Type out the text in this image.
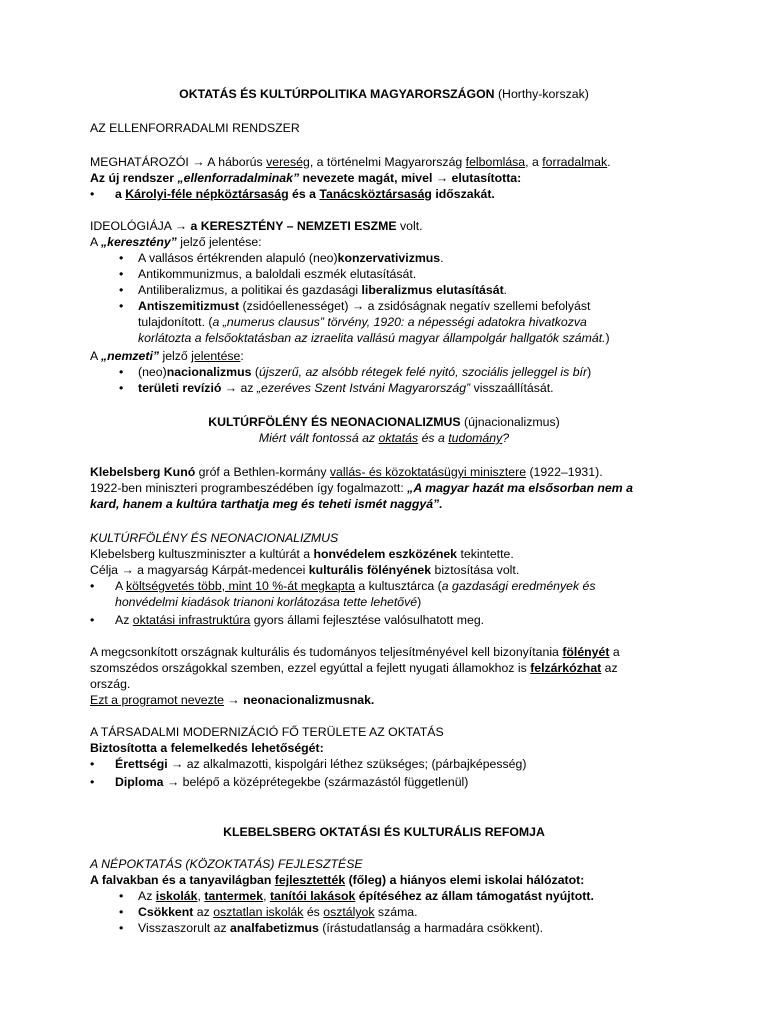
OKTATÁS ÉS KULTÚRPOLITIKA MAGYARORSZÁGON (Horthy-korszak)
AZ ELLENFORRADALMI RENDSZER
MEGHATÁROZÓI → A háborús vereség, a történelmi Magyarország felbomlása, a forradalmak.
Az új rendszer „ellenforradalminak” nevezete magát, mivel → elutasította:
• a Károlyi-féle népköztársaság és a Tanácsköztársaság időszakát.
IDEOLÓGIÁJA → a KERESZTÉNY – NEMZETI ESZME volt.
A „keresztény” jelző jelentése:
• A vallásos értékrenden alapuló (neo)konzervativizmus.
• Antikommunizmus, a baloldali eszmék elutasítását.
• Antiliberalizmus, a politikai és gazdasági liberalizmus elutasítását.
• Antiszemitizmust (zsidóellenességet) → a zsidóságnak negatív szellemi befolyást
tulajdonított. (a „numerus clausus” törvény, 1920: a népességi adatokra hivatkozva
korlátozta a felsőoktatásban az izraelita vallású magyar állampolgár hallgatók számát.)
A „nemzeti” jelző jelentése:
• (neo)nacionalizmus (újszerű, az alsóbb rétegek felé nyitó, szociális jelleggel is bír)
• területi revízió → az „ezeréves Szent Istváni Magyarország” visszaállítását.
KULTÚRFÖLÉNY ÉS NEONACIONALIZMUS (újnacionalizmus)
Miért vált fontossá az oktatás és a tudomány?
Klebelsberg Kunó gróf a Bethlen-kormány vallás- és közoktatásügyi minisztere (1922–1931).
1922-ben miniszteri programbeszédében így fogalmazott: „A magyar hazát ma elsősorban nem a
kard, hanem a kultúra tarthatja meg és teheti ismét naggyá”.
KULTÚRFÖLÉNY ÉS NEONACIONALIZMUS
Klebelsberg kultuszminiszter a kultúrát a honvédelem eszközének tekintette.
Célja → a magyarság Kárpát-medencei kulturális fölényének biztosítása volt.
• A költségvetés több, mint 10 %-át megkapta a kultusztárca (a gazdasági eredmények és
honvédelmi kiadások trianoni korlátozása tette lehetővé)
• Az oktatási infrastruktúra gyors állami fejlesztése valósulhatott meg.
A megcsonkított országnak kulturális és tudományos teljesítményével kell bizonyítania fölényét a
szomszédos országokkal szemben, ezzel egyúttal a fejlett nyugati államokhoz is felzárkózhat az
ország.
Ezt a programot nevezte → neonacionalizmusnak.
A TÁRSADALMI MODERNIZÁCIÓ FŐ TERÜLETE AZ OKTATÁS
Biztosította a felemelkedés lehetőségét:
• Érettségi → az alkalmazotti, kispolgári léthez szükséges; (párbajképesség)
• Diploma → belépő a középrétegekbe (származástól függetlenül)
KLEBELSBERG OKTATÁSI ÉS KULTURÁLIS REFOMJA
A NÉPOKTATÁS (KÖZOKTATÁS) FEJLESZTÉSE
A falvakban és a tanyavilágban fejlesztették (főleg) a hiányos elemi iskolai hálózatot:
• Az iskolák, tantermek, tanítói lakások építéséhez az állam támogatást nyújtott.
• Csökkent az osztatlan iskolák és osztályok száma.
• Visszaszorult az analfabetizmus (írástudatlanság a harmadára csökkent).
